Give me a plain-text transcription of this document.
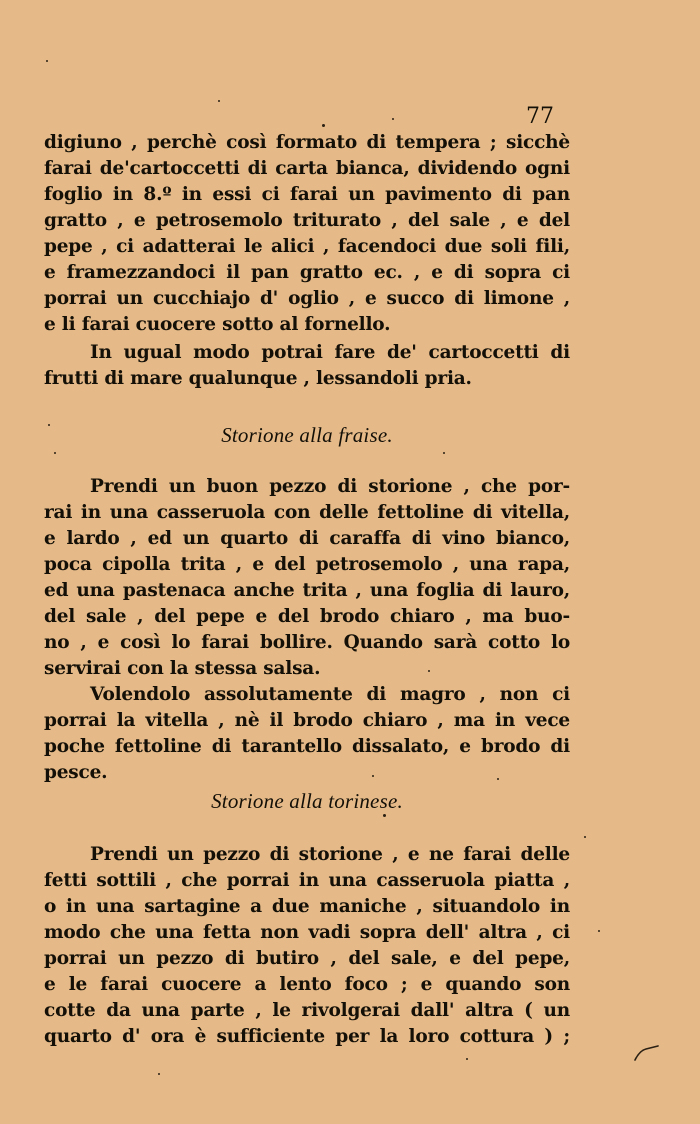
77
digiuno , perchè così formato di tempera ; sicchè
farai de'cartoccetti di carta bianca, dividendo ogni
foglio in 8.º in essi ci farai un pavimento di pan
gratto , e petrosemolo triturato , del sale , e del
pepe , ci adatterai le alici , facendoci due soli fili,
e framezzandoci il pan gratto ec. , e di sopra ci
porrai un cucchiajo d' oglio , e succo di limone ,
e li farai cuocere sotto al fornello.
In ugual modo potrai fare de' cartoccetti di
frutti di mare qualunque , lessandoli pria.
Storione alla fraise.
Prendi un buon pezzo di storione , che por-
rai in una casseruola con delle fettoline di vitella,
e lardo , ed un quarto di caraffa di vino bianco,
poca cipolla trita , e del petrosemolo , una rapa,
ed una pastenaca anche trita , una foglia di lauro,
del sale , del pepe e del brodo chiaro , ma buo-
no , e così lo farai bollire. Quando sarà cotto lo
servirai con la stessa salsa.
Volendolo assolutamente di magro , non ci
porrai la vitella , nè il brodo chiaro , ma in vece
poche fettoline di tarantello dissalato, e brodo di
pesce.
Storione alla torinese.
Prendi un pezzo di storione , e ne farai delle
fetti sottili , che porrai in una casseruola piatta ,
o in una sartagine a due maniche , situandolo in
modo che una fetta non vadi sopra dell' altra , ci
porrai un pezzo di butiro , del sale, e del pepe,
e le farai cuocere a lento foco ; e quando son
cotte da una parte , le rivolgerai dall' altra ( un
quarto d' ora è sufficiente per la loro cottura ) ;
